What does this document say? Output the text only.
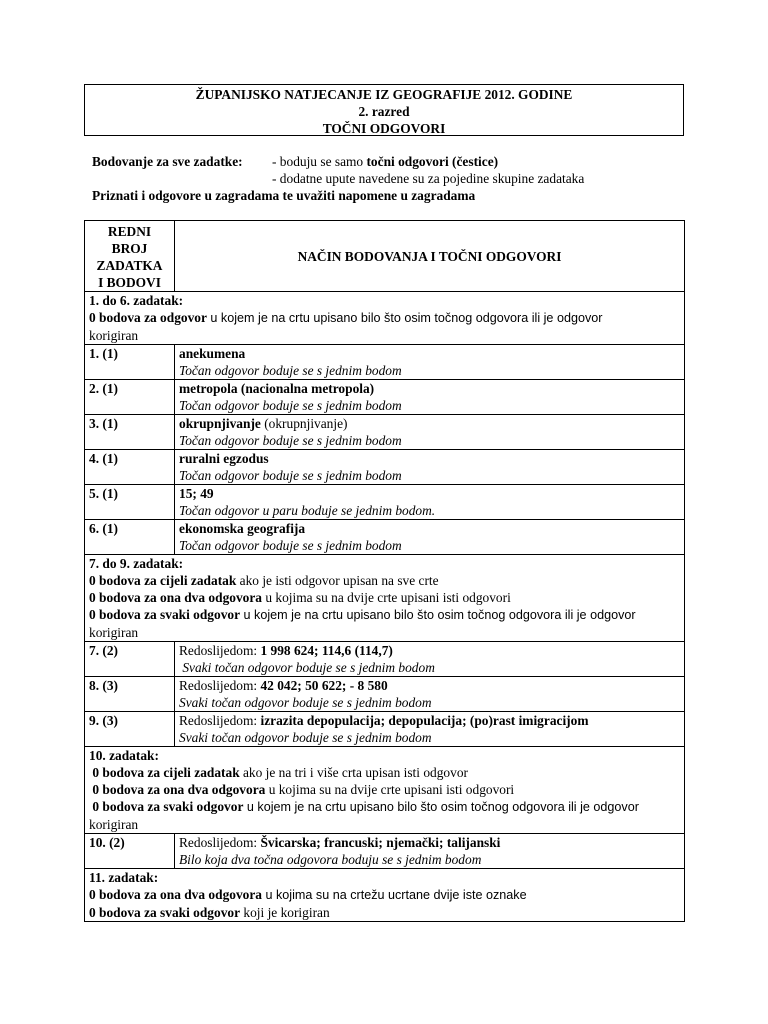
ŽUPANIJSKO NATJECANJE IZ GEOGRAFIJE 2012. GODINE
2. razred
TOČNI ODGOVORI
Bodovanje za sve zadatke: - boduju se samo točni odgovori (čestice)
- dodatne upute navedene su za pojedine skupine zadataka
Priznati i odgovore u zagradama te uvažiti napomene u zagradama
REDNI
BROJ
ZADATKA
I BODOVI	NAČIN BODOVANJA I TOČNI ODGOVORI

1. do 6. zadatak:
0 bodova za odgovor u kojem je na crtu upisano bilo što osim točnog odgovora ili je odgovor
korigiran	

1. (1)	anekumena
Točan odgovor boduje se s jednim bodom

2. (1)	metropola (nacionalna metropola)
Točan odgovor boduje se s jednim bodom

3. (1)	okrupnjivanje (okrupnjivanje)
Točan odgovor boduje se s jednim bodom

4. (1)	ruralni egzodus
Točan odgovor boduje se s jednim bodom

5. (1)	15; 49
Točan odgovor u paru boduje se jednim bodom.

6. (1)	ekonomska geografija
Točan odgovor boduje se s jednim bodom

7. do 9. zadatak:
0 bodova za cijeli zadatak ako je isti odgovor upisan na sve crte
0 bodova za ona dva odgovora u kojima su na dvije crte upisani isti odgovori
0 bodova za svaki odgovor u kojem je na crtu upisano bilo što osim točnog odgovora ili je odgovor
korigiran	

7. (2)	Redoslijedom: 1 998 624; 114,6 (114,7)
Svaki točan odgovor boduje se s jednim bodom

8. (3)	Redoslijedom: 42 042; 50 622; - 8 580
Svaki točan odgovor boduje se s jednim bodom

9. (3)	Redoslijedom: izrazita depopulacija; depopulacija; (po)rast imigracijom
Svaki točan odgovor boduje se s jednim bodom

10. zadatak:
0 bodova za cijeli zadatak ako je na tri i više crta upisan isti odgovor
0 bodova za ona dva odgovora u kojima su na dvije crte upisani isti odgovori
0 bodova za svaki odgovor u kojem je na crtu upisano bilo što osim točnog odgovora ili je odgovor
korigiran	

10. (2)	Redoslijedom: Švicarska; francuski; njemački; talijanski
Bilo koja dva točna odgovora boduju se s jednim bodom

11. zadatak:
0 bodova za ona dva odgovora u kojima su na crtežu ucrtane dvije iste oznake
0 bodova za svaki odgovor koji je korigiran	
